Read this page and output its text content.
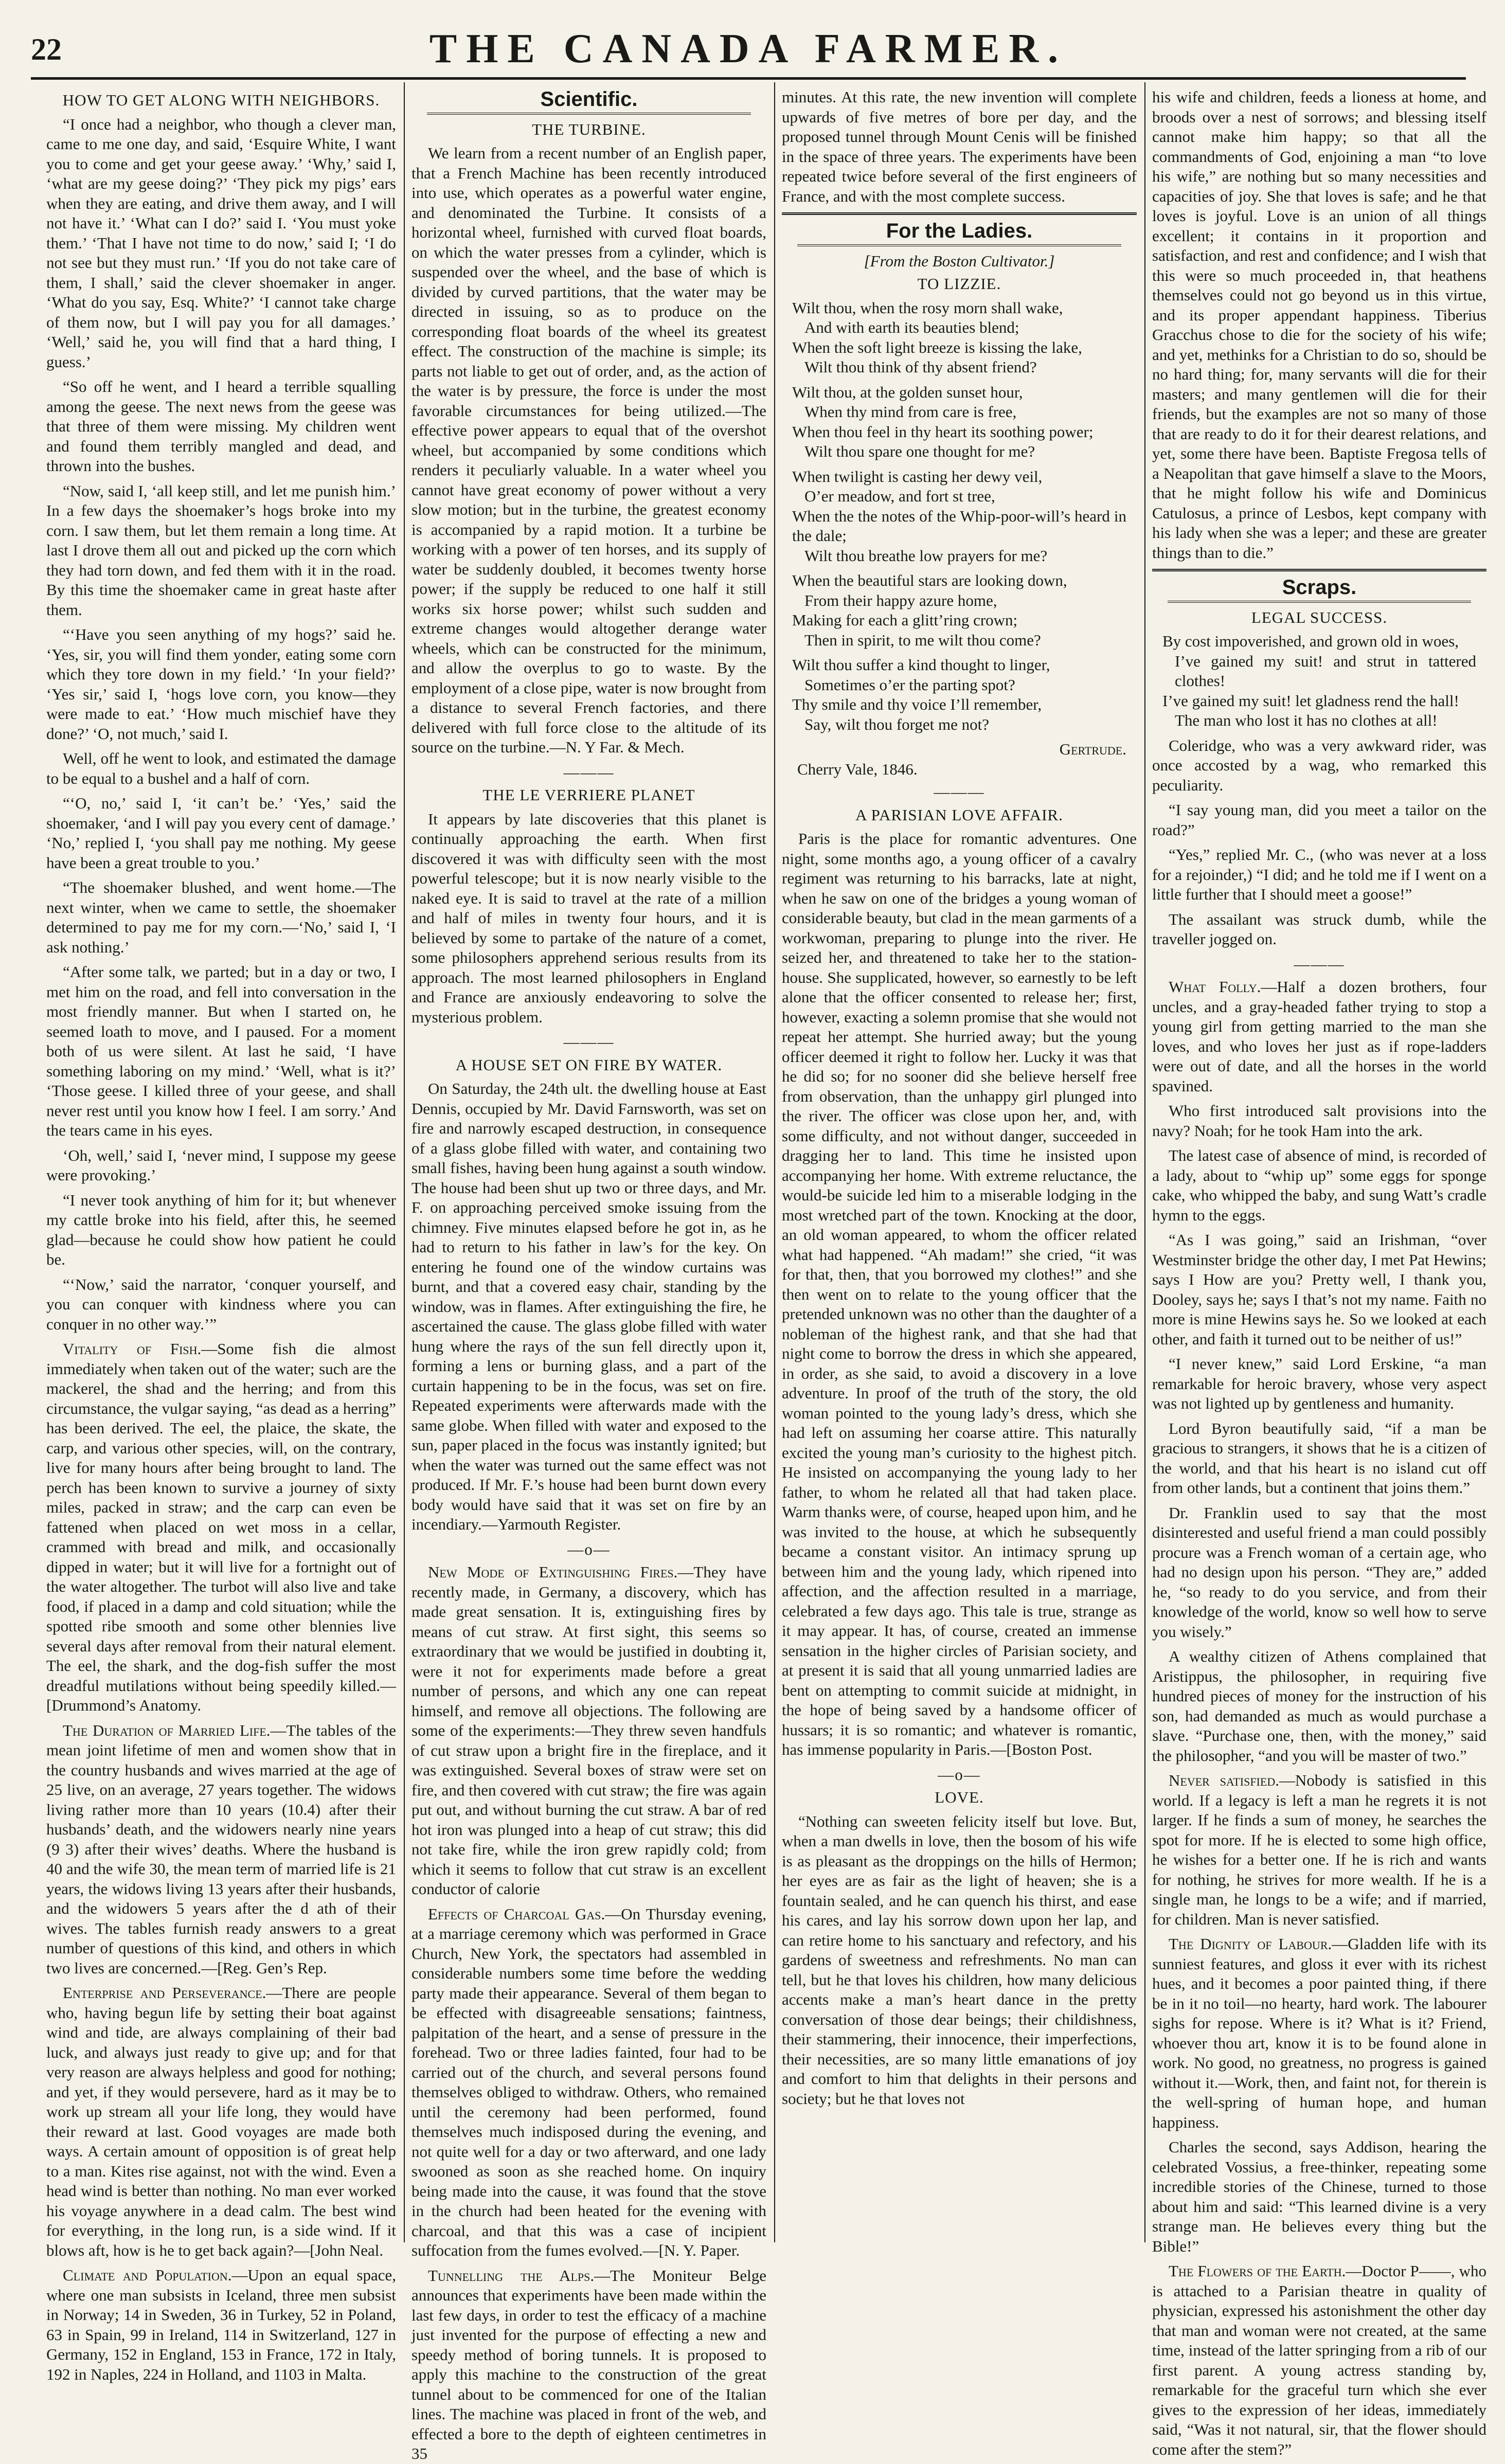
22	THE CANADA FARMER.
HOW TO GET ALONG WITH NEIGHBORS.

“I once had a neighbor, who though a clever man, came to me one day, and said, ‘Esquire White, I want you to come and get your geese away.’ ‘Why,’ said I, ‘what are my geese doing?’ ‘They pick my pigs’ ears when they are eating, and drive them away, and I will not have it.’ ‘What can I do?’ said I. ‘You must yoke them.’ ‘That I have not time to do now,’ said I; ‘I do not see but they must run.’ ‘If you do not take care of them, I shall,’ said the clever shoemaker in anger. ‘What do you say, Esq. White?’ ‘I cannot take charge of them now, but I will pay you for all damages.’ ‘Well,’ said he, you will find that a hard thing, I guess.’

“So off he went, and I heard a terrible squalling among the geese. The next news from the geese was that three of them were missing. My children went and found them terribly mangled and dead, and thrown into the bushes.

“Now, said I, ‘all keep still, and let me punish him.’ In a few days the shoemaker’s hogs broke into my corn. I saw them, but let them remain a long time. At last I drove them all out and picked up the corn which they had torn down, and fed them with it in the road. By this time the shoemaker came in great haste after them.

“‘Have you seen anything of my hogs?’ said he. ‘Yes, sir, you will find them yonder, eating some corn which they tore down in my field.’ ‘In your field?’ ‘Yes sir,’ said I, ‘hogs love corn, you know—they were made to eat.’ ‘How much mischief have they done?’ ‘O, not much,’ said I.

Well, off he went to look, and estimated the damage to be equal to a bushel and a half of corn.

“‘O, no,’ said I, ‘it can’t be.’ ‘Yes,’ said the shoemaker, ‘and I will pay you every cent of damage.’ ‘No,’ replied I, ‘you shall pay me nothing. My geese have been a great trouble to you.’

“The shoemaker blushed, and went home.—The next winter, when we came to settle, the shoemaker determined to pay me for my corn.—‘No,’ said I, ‘I ask nothing.’

“After some talk, we parted; but in a day or two, I met him on the road, and fell into conversation in the most friendly manner. But when I started on, he seemed loath to move, and I paused. For a moment both of us were silent. At last he said, ‘I have something laboring on my mind.’ ‘Well, what is it?’ ‘Those geese. I killed three of your geese, and shall never rest until you know how I feel. I am sorry.’ And the tears came in his eyes.

‘Oh, well,’ said I, ‘never mind, I suppose my geese were provoking.’

“I never took anything of him for it; but whenever my cattle broke into his field, after this, he seemed glad—because he could show how patient he could be.

“‘Now,’ said the narrator, ‘conquer yourself, and you can conquer with kindness where you can conquer in no other way.’”

Vitality of Fish.—Some fish die almost immediately when taken out of the water; such are the mackerel, the shad and the herring; and from this circumstance, the vulgar saying, “as dead as a herring” has been derived. The eel, the plaice, the skate, the carp, and various other species, will, on the contrary, live for many hours after being brought to land. The perch has been known to survive a journey of sixty miles, packed in straw; and the carp can even be fattened when placed on wet moss in a cellar, crammed with bread and milk, and occasionally dipped in water; but it will live for a fortnight out of the water altogether. The turbot will also live and take food, if placed in a damp and cold situation; while the spotted ribe smooth and some other blennies live several days after removal from their natural element. The eel, the shark, and the dog-fish suffer the most dreadful mutilations without being speedily killed.—[Drummond’s Anatomy.

The Duration of Married Life.—The tables of the mean joint lifetime of men and women show that in the country husbands and wives married at the age of 25 live, on an average, 27 years together. The widows living rather more than 10 years (10.4) after their husbands’ death, and the widowers nearly nine years (9 3) after their wives’ deaths. Where the husband is 40 and the wife 30, the mean term of married life is 21 years, the widows living 13 years after their husbands, and the widowers 5 years after the d ath of their wives. The tables furnish ready answers to a great number of questions of this kind, and others in which two lives are concerned.—[Reg. Gen’s Rep.

Enterprise and Perseverance.—There are people who, having begun life by setting their boat against wind and tide, are always complaining of their bad luck, and always just ready to give up; and for that very reason are always helpless and good for nothing; and yet, if they would persevere, hard as it may be to work up stream all your life long, they would have their reward at last. Good voyages are made both ways. A certain amount of opposition is of great help to a man. Kites rise against, not with the wind. Even a head wind is better than nothing. No man ever worked his voyage anywhere in a dead calm. The best wind for everything, in the long run, is a side wind. If it blows aft, how is he to get back again?—[John Neal.

Climate and Population.—Upon an equal space, where one man subsists in Iceland, three men subsist in Norway; 14 in Sweden, 36 in Turkey, 52 in Poland, 63 in Spain, 99 in Ireland, 114 in Switzerland, 127 in Germany, 152 in England, 153 in France, 172 in Italy, 192 in Naples, 224 in Holland, and 1103 in Malta.

Scientific.
THE TURBINE.

We learn from a recent number of an English paper, that a French Machine has been recently introduced into use, which operates as a powerful water engine, and denominated the Turbine. It consists of a horizontal wheel, furnished with curved float boards, on which the water presses from a cylinder, which is suspended over the wheel, and the base of which is divided by curved partitions, that the water may be directed in issuing, so as to produce on the corresponding float boards of the wheel its greatest effect. The construction of the machine is simple; its parts not liable to get out of order, and, as the action of the water is by pressure, the force is under the most favorable circumstances for being utilized.—The effective power appears to equal that of the overshot wheel, but accompanied by some conditions which renders it peculiarly valuable. In a water wheel you cannot have great economy of power without a very slow motion; but in the turbine, the greatest economy is accompanied by a rapid motion. It a turbine be working with a power of ten horses, and its supply of water be suddenly doubled, it becomes twenty horse power; if the supply be reduced to one half it still works six horse power; whilst such sudden and extreme changes would altogether derange water wheels, which can be constructed for the minimum, and allow the overplus to go to waste. By the employment of a close pipe, water is now brought from a distance to several French factories, and there delivered with full force close to the altitude of its source on the turbine.—N. Y Far. & Mech.

———
THE LE VERRIERE PLANET

It appears by late discoveries that this planet is continually approaching the earth. When first discovered it was with difficulty seen with the most powerful telescope; but it is now nearly visible to the naked eye. It is said to travel at the rate of a million and half of miles in twenty four hours, and it is believed by some to partake of the nature of a comet, some philosophers apprehend serious results from its approach. The most learned philosophers in England and France are anxiously endeavoring to solve the mysterious problem.

———
A HOUSE SET ON FIRE BY WATER.

On Saturday, the 24th ult. the dwelling house at East Dennis, occupied by Mr. David Farnsworth, was set on fire and narrowly escaped destruction, in consequence of a glass globe filled with water, and containing two small fishes, having been hung against a south window. The house had been shut up two or three days, and Mr. F. on approaching perceived smoke issuing from the chimney. Five minutes elapsed before he got in, as he had to return to his father in law’s for the key. On entering he found one of the window curtains was burnt, and that a covered easy chair, standing by the window, was in flames. After extinguishing the fire, he ascertained the cause. The glass globe filled with water hung where the rays of the sun fell directly upon it, forming a lens or burning glass, and a part of the curtain happening to be in the focus, was set on fire. Repeated experiments were afterwards made with the same globe. When filled with water and exposed to the sun, paper placed in the focus was instantly ignited; but when the water was turned out the same effect was not produced. If Mr. F.’s house had been burnt down every body would have said that it was set on fire by an incendiary.—Yarmouth Register.

—o—

New Mode of Extinguishing Fires.—They have recently made, in Germany, a discovery, which has made great sensation. It is, extinguishing fires by means of cut straw. At first sight, this seems so extraordinary that we would be justified in doubting it, were it not for experiments made before a great number of persons, and which any one can repeat himself, and remove all objections. The following are some of the experiments:—They threw seven handfuls of cut straw upon a bright fire in the fireplace, and it was extinguished. Several boxes of straw were set on fire, and then covered with cut straw; the fire was again put out, and without burning the cut straw. A bar of red hot iron was plunged into a heap of cut straw; this did not take fire, while the iron grew rapidly cold; from which it seems to follow that cut straw is an excellent conductor of calorie

Effects of Charcoal Gas.—On Thursday evening, at a marriage ceremony which was performed in Grace Church, New York, the spectators had assembled in considerable numbers some time before the wedding party made their appearance. Several of them began to be effected with disagreeable sensations; faintness, palpitation of the heart, and a sense of pressure in the forehead. Two or three ladies fainted, four had to be carried out of the church, and several persons found themselves obliged to withdraw. Others, who remained until the ceremony had been performed, found themselves much indisposed during the evening, and not quite well for a day or two afterward, and one lady swooned as soon as she reached home. On inquiry being made into the cause, it was found that the stove in the church had been heated for the evening with charcoal, and that this was a case of incipient suffocation from the fumes evolved.—[N. Y. Paper.

Tunnelling the Alps.—The Moniteur Belge announces that experiments have been made within the last few days, in order to test the efficacy of a machine just invented for the purpose of effecting a new and speedy method of boring tunnels. It is proposed to apply this machine to the construction of the great tunnel about to be commenced for one of the Italian lines. The machine was placed in front of the web, and effected a bore to the depth of eighteen centimetres in 35

minutes. At this rate, the new invention will complete upwards of five metres of bore per day, and the proposed tunnel through Mount Cenis will be finished in the space of three years. The experiments have been repeated twice before several of the first engineers of France, and with the most complete success.

For the Ladies.
[From the Boston Cultivator.]
TO LIZZIE.
Wilt thou, when the rosy morn shall wake,
And with earth its beauties blend;
When the soft light breeze is kissing the lake,
Wilt thou think of thy absent friend?
Wilt thou, at the golden sunset hour,
When thy mind from care is free,
When thou feel in thy heart its soothing power;
Wilt thou spare one thought for me?
When twilight is casting her dewy veil,
O’er meadow, and fort st tree,
When the the notes of the Whip-poor-will’s heard in the dale;
Wilt thou breathe low prayers for me?
When the beautiful stars are looking down,
From their happy azure home,
Making for each a glitt’ring crown;
Then in spirit, to me wilt thou come?
Wilt thou suffer a kind thought to linger,
Sometimes o’er the parting spot?
Thy smile and thy voice I’ll remember,
Say, wilt thou forget me not?
Gertrude.
Cherry Vale, 1846.
———
A PARISIAN LOVE AFFAIR.

Paris is the place for romantic adventures. One night, some months ago, a young officer of a cavalry regiment was returning to his barracks, late at night, when he saw on one of the bridges a young woman of considerable beauty, but clad in the mean garments of a workwoman, preparing to plunge into the river. He seized her, and threatened to take her to the station-house. She supplicated, however, so earnestly to be left alone that the officer consented to release her; first, however, exacting a solemn promise that she would not repeat her attempt. She hurried away; but the young officer deemed it right to follow her. Lucky it was that he did so; for no sooner did she believe herself free from observation, than the unhappy girl plunged into the river. The officer was close upon her, and, with some difficulty, and not without danger, succeeded in dragging her to land. This time he insisted upon accompanying her home. With extreme reluctance, the would-be suicide led him to a miserable lodging in the most wretched part of the town. Knocking at the door, an old woman appeared, to whom the officer related what had happened. “Ah madam!” she cried, “it was for that, then, that you borrowed my clothes!” and she then went on to relate to the young officer that the pretended unknown was no other than the daughter of a nobleman of the highest rank, and that she had that night come to borrow the dress in which she appeared, in order, as she said, to avoid a discovery in a love adventure. In proof of the truth of the story, the old woman pointed to the young lady’s dress, which she had left on assuming her coarse attire. This naturally excited the young man’s curiosity to the highest pitch. He insisted on accompanying the young lady to her father, to whom he related all that had taken place. Warm thanks were, of course, heaped upon him, and he was invited to the house, at which he subsequently became a constant visitor. An intimacy sprung up between him and the young lady, which ripened into affection, and the affection resulted in a marriage, celebrated a few days ago. This tale is true, strange as it may appear. It has, of course, created an immense sensation in the higher circles of Parisian society, and at present it is said that all young unmarried ladies are bent on attempting to commit suicide at midnight, in the hope of being saved by a handsome officer of hussars; it is so romantic; and whatever is romantic, has immense popularity in Paris.—[Boston Post.

—o—
LOVE.

“Nothing can sweeten felicity itself but love. But, when a man dwells in love, then the bosom of his wife is as pleasant as the droppings on the hills of Hermon; her eyes are as fair as the light of heaven; she is a fountain sealed, and he can quench his thirst, and ease his cares, and lay his sorrow down upon her lap, and can retire home to his sanctuary and refectory, and his gardens of sweetness and refreshments. No man can tell, but he that loves his children, how many delicious accents make a man’s heart dance in the pretty conversation of those dear beings; their childishness, their stammering, their innocence, their imperfections, their necessities, are so many little emanations of joy and comfort to him that delights in their persons and society; but he that loves not

his wife and children, feeds a lioness at home, and broods over a nest of sorrows; and blessing itself cannot make him happy; so that all the commandments of God, enjoining a man “to love his wife,” are nothing but so many necessities and capacities of joy. She that loves is safe; and he that loves is joyful. Love is an union of all things excellent; it contains in it proportion and satisfaction, and rest and confidence; and I wish that this were so much proceeded in, that heathens themselves could not go beyond us in this virtue, and its proper appendant happiness. Tiberius Gracchus chose to die for the society of his wife; and yet, methinks for a Christian to do so, should be no hard thing; for, many servants will die for their masters; and many gentlemen will die for their friends, but the examples are not so many of those that are ready to do it for their dearest relations, and yet, some there have been. Baptiste Fregosa tells of a Neapolitan that gave himself a slave to the Moors, that he might follow his wife and Dominicus Catulosus, a prince of Lesbos, kept company with his lady when she was a leper; and these are greater things than to die.”

Scraps.
LEGAL SUCCESS.
By cost impoverished, and grown old in woes,
I’ve gained my suit! and strut in tattered clothes!
I’ve gained my suit! let gladness rend the hall!
The man who lost it has no clothes at all!

Coleridge, who was a very awkward rider, was once accosted by a wag, who remarked this peculiarity.

“I say young man, did you meet a tailor on the road?”

“Yes,” replied Mr. C., (who was never at a loss for a rejoinder,) “I did; and he told me if I went on a little further that I should meet a goose!”

The assailant was struck dumb, while the traveller jogged on.

———

What Folly.—Half a dozen brothers, four uncles, and a gray-headed father trying to stop a young girl from getting married to the man she loves, and who loves her just as if rope-ladders were out of date, and all the horses in the world spavined.

Who first introduced salt provisions into the navy? Noah; for he took Ham into the ark.

The latest case of absence of mind, is recorded of a lady, about to “whip up” some eggs for sponge cake, who whipped the baby, and sung Watt’s cradle hymn to the eggs.

“As I was going,” said an Irishman, “over Westminster bridge the other day, I met Pat Hewins; says I How are you? Pretty well, I thank you, Dooley, says he; says I that’s not my name. Faith no more is mine Hewins says he. So we looked at each other, and faith it turned out to be neither of us!”

“I never knew,” said Lord Erskine, “a man remarkable for heroic bravery, whose very aspect was not lighted up by gentleness and humanity.

Lord Byron beautifully said, “if a man be gracious to strangers, it shows that he is a citizen of the world, and that his heart is no island cut off from other lands, but a continent that joins them.”

Dr. Franklin used to say that the most disinterested and useful friend a man could possibly procure was a French woman of a certain age, who had no design upon his person. “They are,” added he, “so ready to do you service, and from their knowledge of the world, know so well how to serve you wisely.”

A wealthy citizen of Athens complained that Aristippus, the philosopher, in requiring five hundred pieces of money for the instruction of his son, had demanded as much as would purchase a slave. “Purchase one, then, with the money,” said the philosopher, “and you will be master of two.”

Never satisfied.—Nobody is satisfied in this world. If a legacy is left a man he regrets it is not larger. If he finds a sum of money, he searches the spot for more. If he is elected to some high office, he wishes for a better one. If he is rich and wants for nothing, he strives for more wealth. If he is a single man, he longs to be a wife; and if married, for children. Man is never satisfied.

The Dignity of Labour.—Gladden life with its sunniest features, and gloss it ever with its richest hues, and it becomes a poor painted thing, if there be in it no toil—no hearty, hard work. The labourer sighs for repose. Where is it? What is it? Friend, whoever thou art, know it is to be found alone in work. No good, no greatness, no progress is gained without it.—Work, then, and faint not, for therein is the well-spring of human hope, and human happiness.

Charles the second, says Addison, hearing the celebrated Vossius, a free-thinker, repeating some incredible stories of the Chinese, turned to those about him and said: “This learned divine is a very strange man. He believes every thing but the Bible!”

The Flowers of the Earth.—Doctor P——, who is attached to a Parisian theatre in quality of physician, expressed his astonishment the other day that man and woman were not created, at the same time, instead of the latter springing from a rib of our first parent. A young actress standing by, remarkable for the graceful turn which she ever gives to the expression of her ideas, immediately said, “Was it not natural, sir, that the flower should come after the stem?”
